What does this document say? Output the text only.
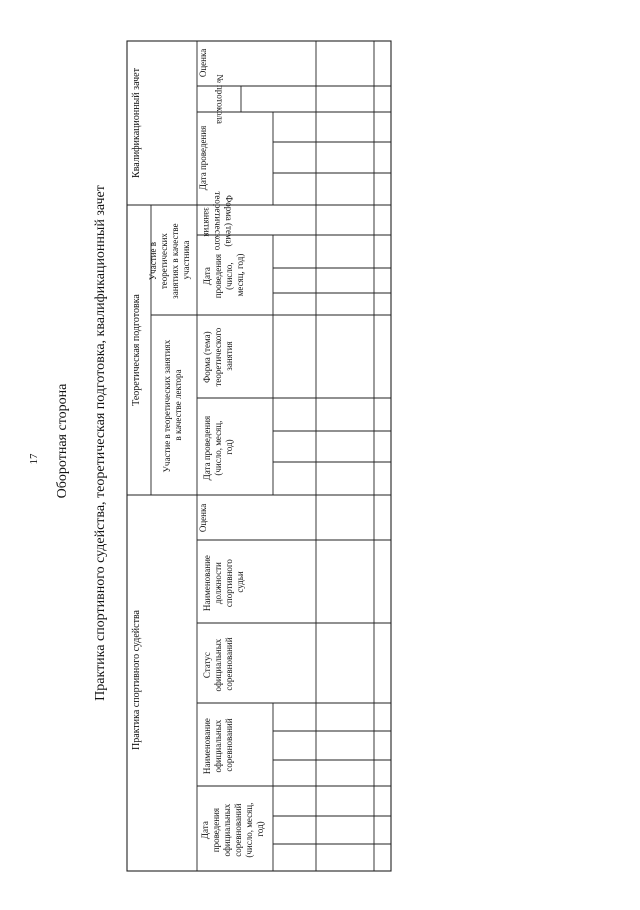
17 Оборотная сторона Практика спортивного судейства, теоретическая подготовка, квалификационный зачет Практика спортивного судейства
Теоретическая подготовка
Квалификационный зачет
Участие в теоретических занятиях в качестве лектора
Участие в теоретических занятиях в качестве участника
Дата проведения официальных соревнований (число, месяц, год)
Наименование официальных соревнований
Статус официальных соревнований
Наименование должности спортивного судьи
Оценка
Дата проведения (число, месяц, год)
Форма (тема) теоретического занятия
Дата проведения (число, месяц, год)
Форма (тема) теоретического занятия
Дата проведения
№ протокола
Оценка
